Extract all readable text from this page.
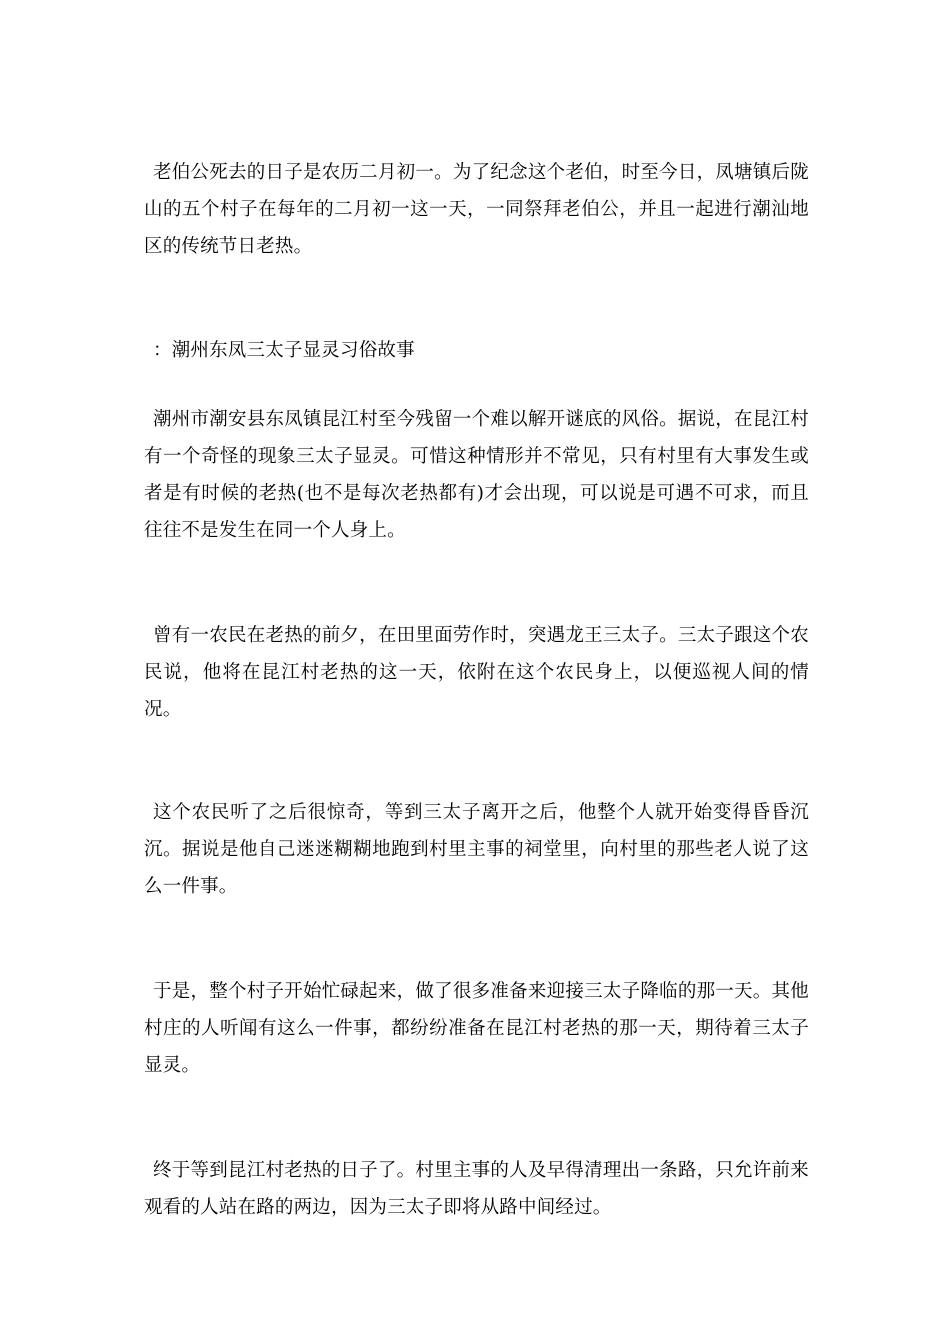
老伯公死去的日子是农历二月初一。为了纪念这个老伯，时至今日，凤塘镇后陇山的五个村子在每年的二月初一这一天，一同祭拜老伯公，并且一起进行潮汕地区的传统节日老热。

：潮州东凤三太子显灵习俗故事

潮州市潮安县东凤镇昆江村至今残留一个难以解开谜底的风俗。据说，在昆江村有一个奇怪的现象三太子显灵。可惜这种情形并不常见，只有村里有大事发生或者是有时候的老热(也不是每次老热都有)才会出现，可以说是可遇不可求，而且往往不是发生在同一个人身上。

曾有一农民在老热的前夕，在田里面劳作时，突遇龙王三太子。三太子跟这个农民说，他将在昆江村老热的这一天，依附在这个农民身上，以便巡视人间的情况。

这个农民听了之后很惊奇，等到三太子离开之后，他整个人就开始变得昏昏沉沉。据说是他自己迷迷糊糊地跑到村里主事的祠堂里，向村里的那些老人说了这么一件事。

于是，整个村子开始忙碌起来，做了很多准备来迎接三太子降临的那一天。其他村庄的人听闻有这么一件事，都纷纷准备在昆江村老热的那一天，期待着三太子显灵。

终于等到昆江村老热的日子了。村里主事的人及早得清理出一条路，只允许前来观看的人站在路的两边，因为三太子即将从路中间经过。
